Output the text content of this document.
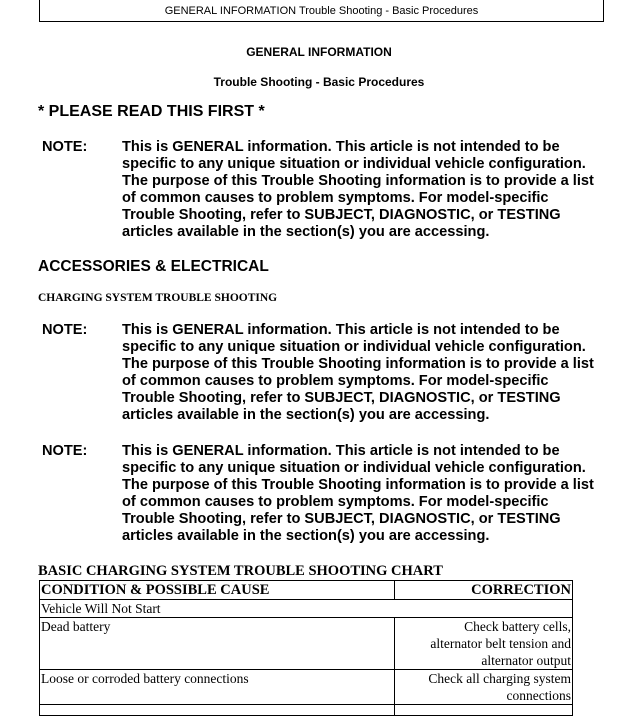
GENERAL INFORMATION Trouble Shooting - Basic Procedures
GENERAL INFORMATION
Trouble Shooting - Basic Procedures
* PLEASE READ THIS FIRST *
NOTE: This is GENERAL information. This article is not intended to be
specific to any unique situation or individual vehicle configuration.
The purpose of this Trouble Shooting information is to provide a list
of common causes to problem symptoms. For model-specific
Trouble Shooting, refer to SUBJECT, DIAGNOSTIC, or TESTING
articles available in the section(s) you are accessing.
ACCESSORIES & ELECTRICAL
CHARGING SYSTEM TROUBLE SHOOTING
NOTE: This is GENERAL information. This article is not intended to be
specific to any unique situation or individual vehicle configuration.
The purpose of this Trouble Shooting information is to provide a list
of common causes to problem symptoms. For model-specific
Trouble Shooting, refer to SUBJECT, DIAGNOSTIC, or TESTING
articles available in the section(s) you are accessing.
NOTE: This is GENERAL information. This article is not intended to be
specific to any unique situation or individual vehicle configuration.
The purpose of this Trouble Shooting information is to provide a list
of common causes to problem symptoms. For model-specific
Trouble Shooting, refer to SUBJECT, DIAGNOSTIC, or TESTING
articles available in the section(s) you are accessing.
BASIC CHARGING SYSTEM TROUBLE SHOOTING CHART
CONDITION & POSSIBLE CAUSE	CORRECTION
Vehicle Will Not Start	
Dead battery	Check battery cells,
alternator belt tension and
alternator output

Loose or corroded battery connections	Check all charging system
connections
